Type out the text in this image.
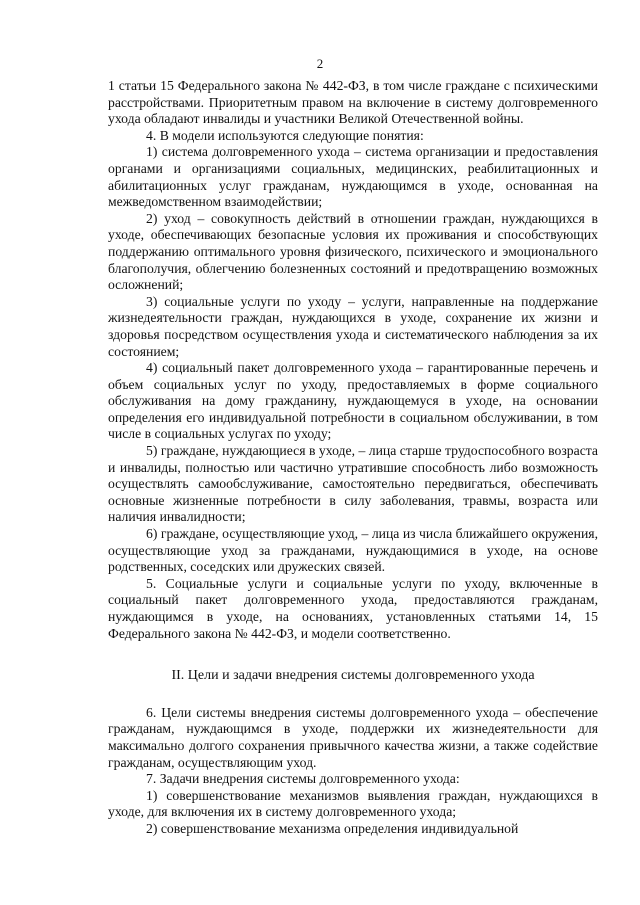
2

1 статьи 15 Федерального закона № 442-ФЗ, в том числе граждане с психическими расстройствами. Приоритетным правом на включение в систему долговременного ухода обладают инвалиды и участники Великой Отечественной войны.

4. В модели используются следующие понятия:

1) система долговременного ухода – система организации и предоставления органами и организациями социальных, медицинских, реабилитационных и абилитационных услуг гражданам, нуждающимся в уходе, основанная на межведомственном взаимодействии;

2) уход – совокупность действий в отношении граждан, нуждающихся в уходе, обеспечивающих безопасные условия их проживания и способствующих поддержанию оптимального уровня физического, психического и эмоционального благополучия, облегчению болезненных состояний и предотвращению возможных осложнений;

3) социальные услуги по уходу – услуги, направленные на поддержание жизнедеятельности граждан, нуждающихся в уходе, сохранение их жизни и здоровья посредством осуществления ухода и систематического наблюдения за их состоянием;

4) социальный пакет долговременного ухода – гарантированные перечень и объем социальных услуг по уходу, предоставляемых в форме социального обслуживания на дому гражданину, нуждающемуся в уходе, на основании определения его индивидуальной потребности в социальном обслуживании, в том числе в социальных услугах по уходу;

5) граждане, нуждающиеся в уходе, – лица старше трудоспособного возраста и инвалиды, полностью или частично утратившие способность либо возможность осуществлять самообслуживание, самостоятельно передвигаться, обеспечивать основные жизненные потребности в силу заболевания, травмы, возраста или наличия инвалидности;

6) граждане, осуществляющие уход, – лица из числа ближайшего окружения, осуществляющие уход за гражданами, нуждающимися в уходе, на основе родственных, соседских или дружеских связей.

5. Социальные услуги и социальные услуги по уходу, включенные в социальный пакет долговременного ухода, предоставляются гражданам, нуждающимся в уходе, на основаниях, установленных статьями 14, 15 Федерального закона № 442-ФЗ, и модели соответственно.

II. Цели и задачи внедрения системы долговременного ухода

6. Цели системы внедрения системы долговременного ухода – обеспечение гражданам, нуждающимся в уходе, поддержки их жизнедеятельности для максимально долгого сохранения привычного качества жизни, а также содействие гражданам, осуществляющим уход.

7. Задачи внедрения системы долговременного ухода:

1) совершенствование механизмов выявления граждан, нуждающихся в уходе, для включения их в систему долговременного ухода;

2) совершенствование механизма определения индивидуальной
